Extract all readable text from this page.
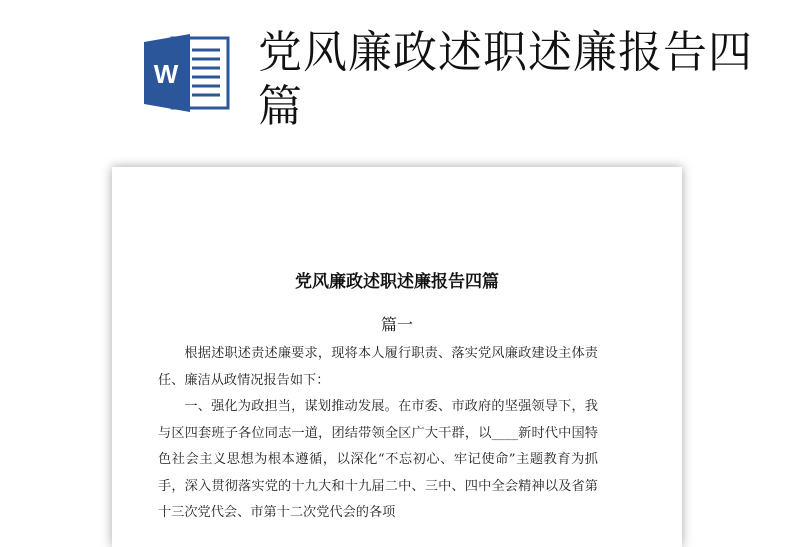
W 党风廉政述职述廉报告四篇
党风廉政述职述廉报告四篇
篇一

根据述职述责述廉要求，现将本人履行职责、落实党风廉政建设主体责任、廉洁从政情况报告如下：

一、强化为政担当，谋划推动发展。在市委、市政府的坚强领导下，我与区四套班子各位同志一道，团结带领全区广大干群，以____新时代中国特色社会主义思想为根本遵循，以深化“不忘初心、牢记使命”主题教育为抓手，深入贯彻落实党的十九大和十九届二中、三中、四中全会精神以及省第十三次党代会、市第十二次党代会的各项
